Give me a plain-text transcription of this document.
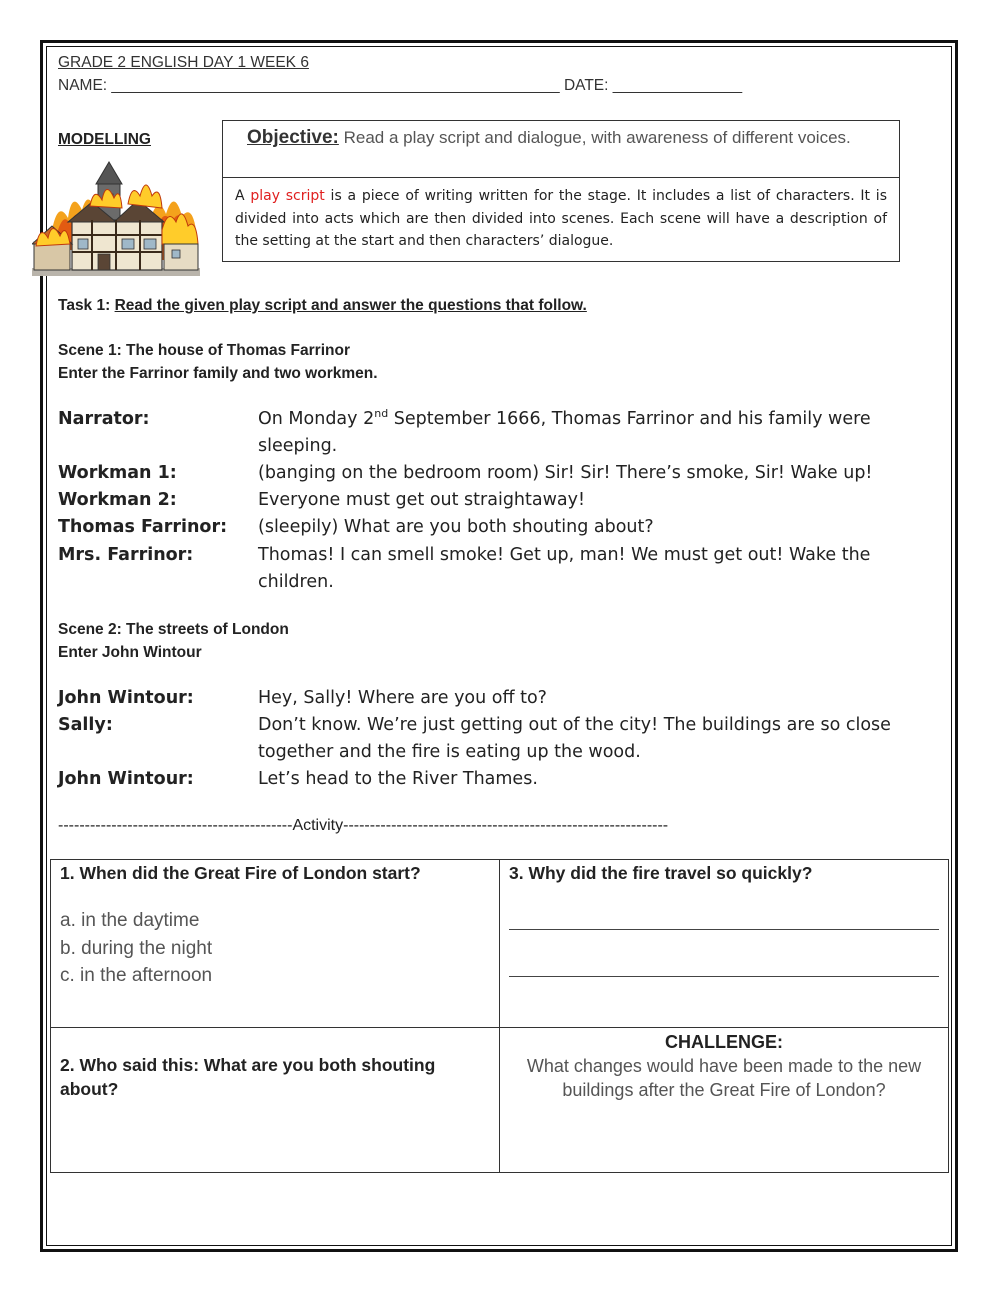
GRADE 2 ENGLISH DAY 1 WEEK 6
NAME: ____________________________________________________ DATE: _______________
MODELLING	Objective: Read a play script and dialogue, with awareness of different voices.
A play script is a piece of writing written for the stage. It includes a list of characters. It is divided into acts which are then divided into scenes. Each scene will have a description of the setting at the start and then characters’ dialogue.
Task 1: Read the given play script and answer the questions that follow.
Scene 1: The house of Thomas Farrinor
Enter the Farrinor family and two workmen.
Narrator:	On Monday 2nd September 1666, Thomas Farrinor and his family were sleeping.
Workman 1:	(banging on the bedroom room) Sir! Sir! There’s smoke, Sir! Wake up!
Workman 2:	Everyone must get out straightaway!
Thomas Farrinor: (sleepily) What are you both shouting about?
Mrs. Farrinor:	Thomas! I can smell smoke! Get up, man! We must get out! Wake the children.
Scene 2: The streets of London
Enter John Wintour
John Wintour:	Hey, Sally! Where are you off to?
Sally:	Don’t know. We’re just getting out of the city! The buildings are so close together and the fire is eating up the wood.
John Wintour:	Let’s head to the River Thames.
--------------------------------------------Activity-------------------------------------------------------------
1. When did the Great Fire of London start?
a. in the daytime
b. during the night
c. in the afternoon
3. Why did the fire travel so quickly?
2. Who said this: What are you both shouting about?
CHALLENGE:
What changes would have been made to the new buildings after the Great Fire of London?
